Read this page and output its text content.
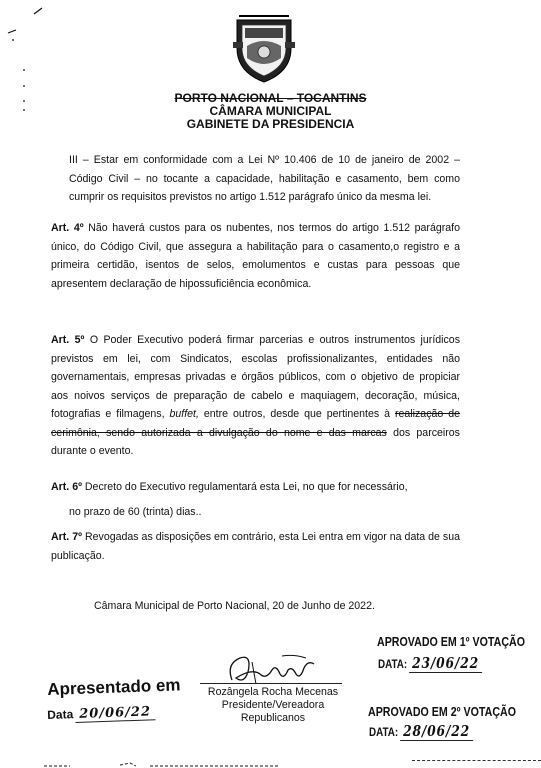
PORTO NACIONAL – TOCANTINS
CÂMARA MUNICIPAL
GABINETE DA PRESIDENCIA
III – Estar em conformidade com a Lei Nº 10.406 de 10 de janeiro de 2002 – Código Civil – no tocante a capacidade, habilitação e casamento, bem como cumprir os requisitos previstos no artigo 1.512 parágrafo único da mesma lei.
Art. 4º Não haverá custos para os nubentes, nos termos do artigo 1.512 parágrafo único, do Código Civil, que assegura a habilitação para o casamento,o registro e a primeira certidão, isentos de selos, emolumentos e custas para pessoas que apresentem declaração de hipossuficiência econômica.
Art. 5º O Poder Executivo poderá firmar parcerias e outros instrumentos jurídicos previstos em lei, com Sindicatos, escolas profissionalizantes, entidades não governamentais, empresas privadas e órgãos públicos, com o objetivo de propiciar aos noivos serviços de preparação de cabelo e maquiagem, decoração, música, fotografias e filmagens, buffet, entre outros, desde que pertinentes à realização de cerimônia, sendo autorizada a divulgação do nome e das marcas dos parceiros durante o evento.
Art. 6º Decreto do Executivo regulamentará esta Lei, no que for necessário,
no prazo de 60 (trinta) dias..
Art. 7º Revogadas as disposições em contrário, esta Lei entra em vigor na data de sua publicação.
Câmara Municipal de Porto Nacional, 20 de Junho de 2022.
APROVADO EM 1º VOTAÇÃO
DATA: 23/06/22
APROVADO EM 2º VOTAÇÃO
DATA: 28/06/22
Apresentado em
Data 20/06/22
Rozângela Rocha Mecenas
Presidente/Vereadora
Republicanos
